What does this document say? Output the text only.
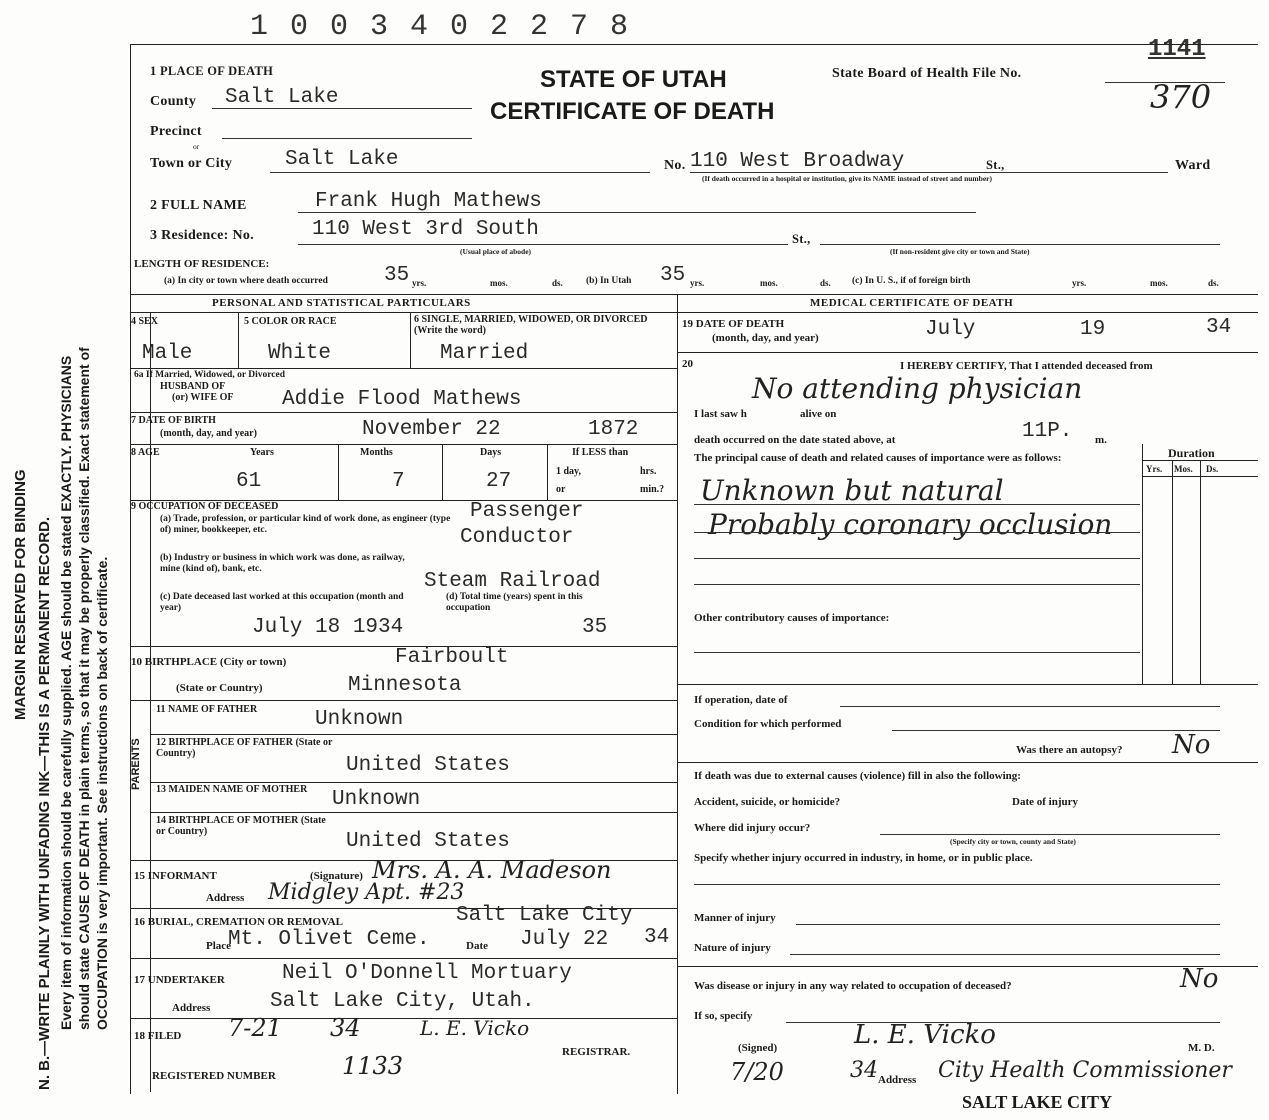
1 0 0 3 4 0 2 2 7 8
1141
MARGIN RESERVED FOR BINDING N. B.—WRITE PLAINLY WITH UNFADING INK—THIS IS A PERMANENT RECORD. Every item of information should be carefully supplied. AGE should be stated EXACTLY. PHYSICIANS should state CAUSE OF DEATH in plain terms, so that it may be properly classified. Exact statement of OCCUPATION is very important. See instructions on back of certificate.
1 PLACE OF DEATH	STATE OF UTAH
CERTIFICATE OF DEATH
State Board of Health File No.
370
County Salt Lake
Precinct
or
Town or City	Salt Lake	No. 110 West Broadway	St.,	Ward
(If death occurred in a hospital or institution, give its NAME instead of street and number)
2 FULL NAME	Frank Hugh Mathews
3 Residence: No.	110 West 3rd South	St.,
(Usual place of abode)	(If non-resident give city or town and State)
LENGTH OF RESIDENCE:
(a) In city or town where death occurred	35 yrs.	mos.	ds. (b) In Utah 35 yrs.	mos.	ds. (c) In U. S., if of foreign birth	yrs.	mos.	ds.
PERSONAL AND STATISTICAL PARTICULARS	MEDICAL CERTIFICATE OF DEATH
4 SEX	5 COLOR OR RACE	6 SINGLE, MARRIED, WIDOWED, OR DIVORCED (Write the word)
Male	White	Married
6a If Married, Widowed, or Divorced
HUSBAND OF
(or) WIFE OF Addie Flood Mathews
7 DATE OF BIRTH
(month, day, and year)	November 22	1872
8 AGE	Years	Months	Days	If LESS than
1 day,	hrs.
or	min.?
61	7	27
9 OCCUPATION OF DECEASED
(a) Trade, profession, or particular kind of work done, as engineer (type of) miner, bookkeeper, etc.
Passenger
Conductor
(b) Industry or business in which work was done, as railway, mine (kind of), bank, etc.
Steam Railroad
(c) Date deceased last worked at this occupation (month and year)
July 18 1934
(d) Total time (years) spent in this occupation
35
10 BIRTHPLACE (City or town)	Fairboult
(State or Country)	Minnesota
PARENTS
11 NAME OF FATHER	Unknown
12 BIRTHPLACE OF FATHER (State or Country)
United States
13 MAIDEN NAME OF MOTHER	Unknown
14 BIRTHPLACE OF MOTHER (State or Country)	United States
15 INFORMANT	(Signature) Mrs. A. A. Madeson
Address Midgley Apt. #23
16 BURIAL, CREMATION OR REMOVAL	Salt Lake City
Place
Mt. Olivet Ceme.	Date July 22 34
17 UNDERTAKER	Neil O'Donnell Mortuary
Address	Salt Lake City, Utah.
18 FILED 7-21 34	L. E. Vicko
REGISTRAR.
REGISTERED NUMBER	1133
19 DATE OF DEATH
(month, day, and year)	July	19	34
20	I HEREBY CERTIFY, That I attended deceased from
No attending physician
I last saw h	alive on
death occurred on the date stated above, at	11P. m.
The principal cause of death and related causes of importance were as follows:	Duration
Yrs. Mos. Ds.
Unknown but natural
Probably coronary occlusion
Other contributory causes of importance:
If operation, date of
Condition for which performed
Was there an autopsy? No
If death was due to external causes (violence) fill in also the following:
Accident, suicide, or homicide?	Date of injury
Where did injury occur?
(Specify city or town, county and State)
Specify whether injury occurred in industry, in home, or in public place.
Manner of injury
Nature of injury
Was disease or injury in any way related to occupation of deceased?	No
If so, specify
(Signed)	L. E. Vicko	M. D.
7/20	34 Address City Health Commissioner
SALT LAKE CITY
